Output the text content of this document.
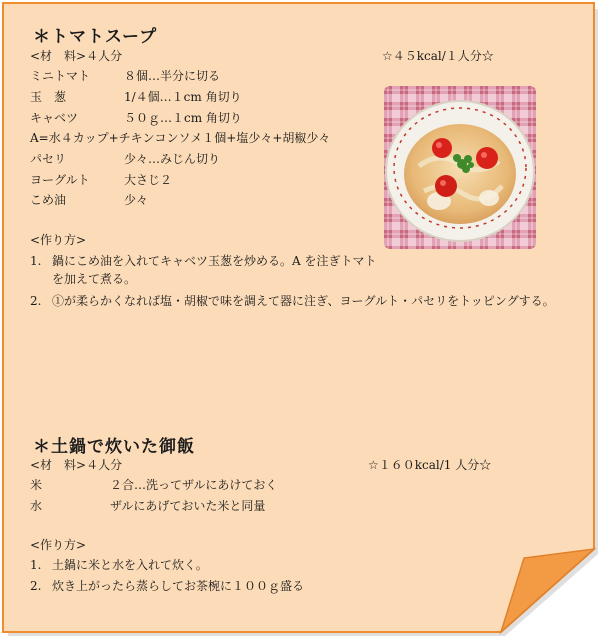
＊トマトスープ
<材　料>４人分	☆４５kcal/１人分☆
ミニトマト	８個…半分に切る
玉　葱	1/４個…１cm 角切り
キャベツ	５０ｇ…１cm 角切り
A=水４カップ+チキンコンソメ１個+塩少々+胡椒少々
パセリ	少々…みじん切り
ヨーグルト	大さじ２
こめ油	少々
<作り方>
1. 鍋にこめ油を入れてキャベツ玉葱を炒める。A を注ぎトマトを加えて煮る。
2. ①が柔らかくなれば塩・胡椒で味を調えて器に注ぎ、ヨーグルト・パセリをトッピングする。
＊土鍋で炊いた御飯
<材　料>４人分	☆１６０kcal/1 人分☆
米	２合…洗ってザルにあけておく
水	ザルにあげておいた米と同量
<作り方>
1. 土鍋に米と水を入れて炊く。
2. 炊き上がったら蒸らしてお茶椀に１００ｇ盛る
